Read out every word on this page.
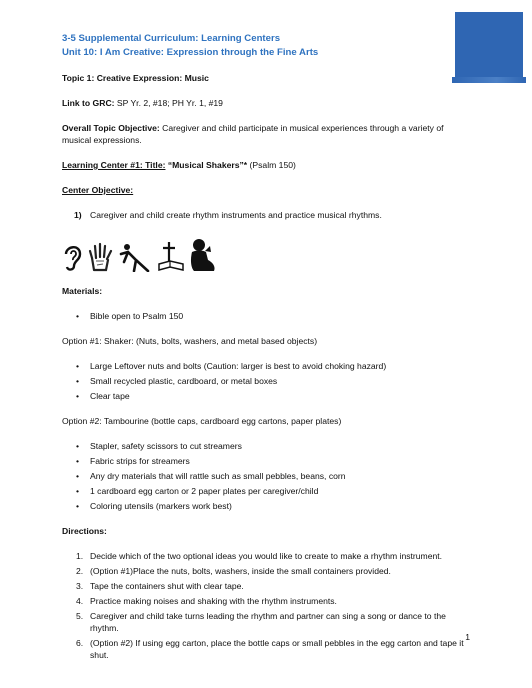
3-5 Supplemental Curriculum: Learning Centers
Unit 10: I Am Creative: Expression through the Fine Arts

Topic 1: Creative Expression: Music

Link to GRC: SP Yr. 2, #18; PH Yr. 1, #19

Overall Topic Objective: Caregiver and child participate in musical experiences through a variety of musical expressions.

Learning Center #1: Title: “Musical Shakers”* (Psalm 150)

Center Objective:

1) Caregiver and child create rhythm instruments and practice musical rhythms.

Materials:

• Bible open to Psalm 150

Option #1: Shaker: (Nuts, bolts, washers, and metal based objects)

• Large Leftover nuts and bolts (Caution: larger is best to avoid choking hazard)
• Small recycled plastic, cardboard, or metal boxes
• Clear tape

Option #2: Tambourine (bottle caps, cardboard egg cartons, paper plates)

• Stapler, safety scissors to cut streamers
• Fabric strips for streamers
• Any dry materials that will rattle such as small pebbles, beans, corn
• 1 cardboard egg carton or 2 paper plates per caregiver/child
• Coloring utensils (markers work best)

Directions:

1. Decide which of the two optional ideas you would like to create to make a rhythm instrument.
2. (Option #1)Place the nuts, bolts, washers, inside the small containers provided.
3. Tape the containers shut with clear tape.
4. Practice making noises and shaking with the rhythm instruments.
5. Caregiver and child take turns leading the rhythm and partner can sing a song or dance to the rhythm.
6. (Option #2) If using egg carton, place the bottle caps or small pebbles in the egg carton and tape it shut.
1
